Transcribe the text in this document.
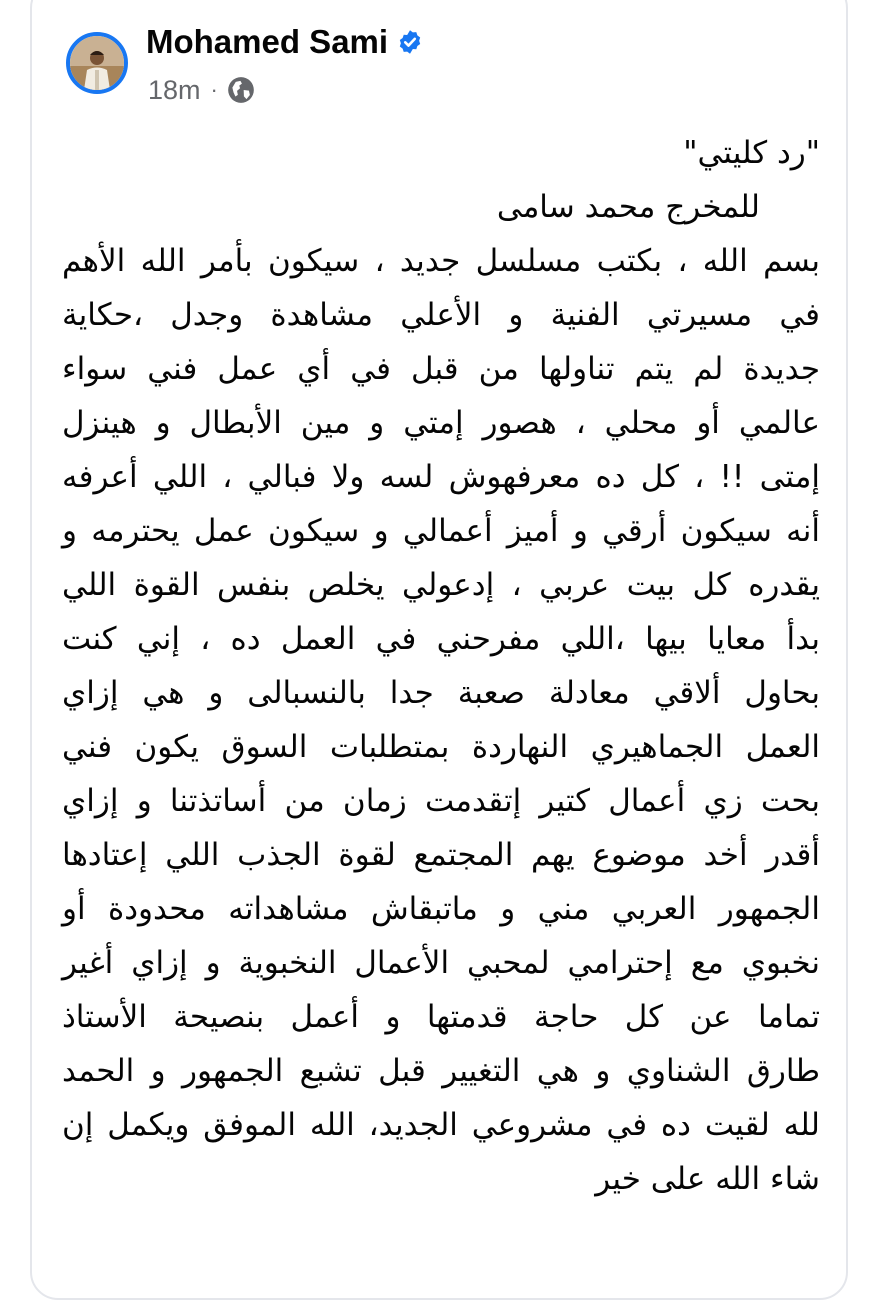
Mohamed Sami
18m ·
"رد كليتي"
للمخرج محمد سامى
بسم الله ، بكتب مسلسل جديد ، سيكون بأمر الله الأهم
في مسيرتي الفنية و الأعلي مشاهدة وجدل ،حكاية
جديدة لم يتم تناولها من قبل في أي عمل فني سواء
عالمي أو محلي ، هصور إمتي و مين الأبطال و هينزل
إمتى !! ، كل ده معرفهوش لسه ولا فبالي ، اللي أعرفه
أنه سيكون أرقي و أميز أعمالي و سيكون عمل يحترمه و
يقدره كل بيت عربي ، إدعولي يخلص بنفس القوة اللي
بدأ معايا بيها ،اللي مفرحني في العمل ده ، إني كنت
بحاول ألاقي معادلة صعبة جدا بالنسبالى و هي إزاي
العمل الجماهيري النهاردة بمتطلبات السوق يكون فني
بحت زي أعمال كتير إتقدمت زمان من أساتذتنا و إزاي
أقدر أخد موضوع يهم المجتمع لقوة الجذب اللي إعتادها
الجمهور العربي مني و ماتبقاش مشاهداته محدودة أو
نخبوي مع إحترامي لمحبي الأعمال النخبوية و إزاي أغير
تماما عن كل حاجة قدمتها و أعمل بنصيحة الأستاذ
طارق الشناوي و هي التغيير قبل تشبع الجمهور و الحمد
لله لقيت ده في مشروعي الجديد، الله الموفق ويكمل إن
شاء الله على خير
